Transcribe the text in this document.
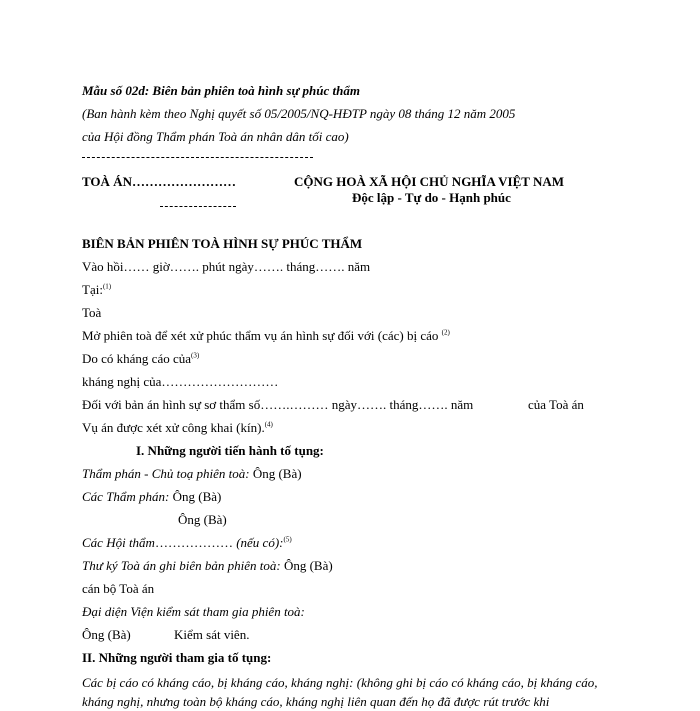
Mẫu số 02d: Biên bản phiên toà hình sự phúc thẩm
(Ban hành kèm theo Nghị quyết số 05/2005/NQ-HĐTP ngày 08 tháng 12 năm 2005
của Hội đồng Thẩm phán Toà án nhân dân tối cao)
TOÀ ÁN……………………	CỘNG HOÀ XÃ HỘI CHỦ NGHĨA VIỆT NAM
Độc lập - Tự do - Hạnh phúc
BIÊN BẢN PHIÊN TOÀ HÌNH SỰ PHÚC THẨM
Vào hồi…… giờ……. phút ngày……. tháng……. năm
Tại:$^{(1)}$
Toà
Mở phiên toà để xét xử phúc thẩm vụ án hình sự đối với (các) bị cáo $^{(2)}$
Do có kháng cáo của$^{(3)}$
kháng nghị của………………………
Đối với bản án hình sự sơ thẩm số…….……… ngày……. tháng……. năm	của Toà án
Vụ án được xét xử công khai (kín).$^{(4)}$
I. Những người tiến hành tố tụng:
Thẩm phán - Chủ toạ phiên toà: Ông (Bà)
Các Thẩm phán: Ông (Bà)
Ông (Bà)
Các Hội thẩm……………… (nếu có):$^{(5)}$
Thư ký Toà án ghi biên bản phiên toà: Ông (Bà)
cán bộ Toà án
Đại diện Viện kiểm sát tham gia phiên toà:
Ông (Bà)	Kiểm sát viên.
II. Những người tham gia tố tụng:
Các bị cáo có kháng cáo, bị kháng cáo, kháng nghị: (không ghi bị cáo có kháng cáo, bị kháng cáo, kháng nghị, nhưng toàn bộ kháng cáo, kháng nghị liên quan đến họ đã được rút trước khi
